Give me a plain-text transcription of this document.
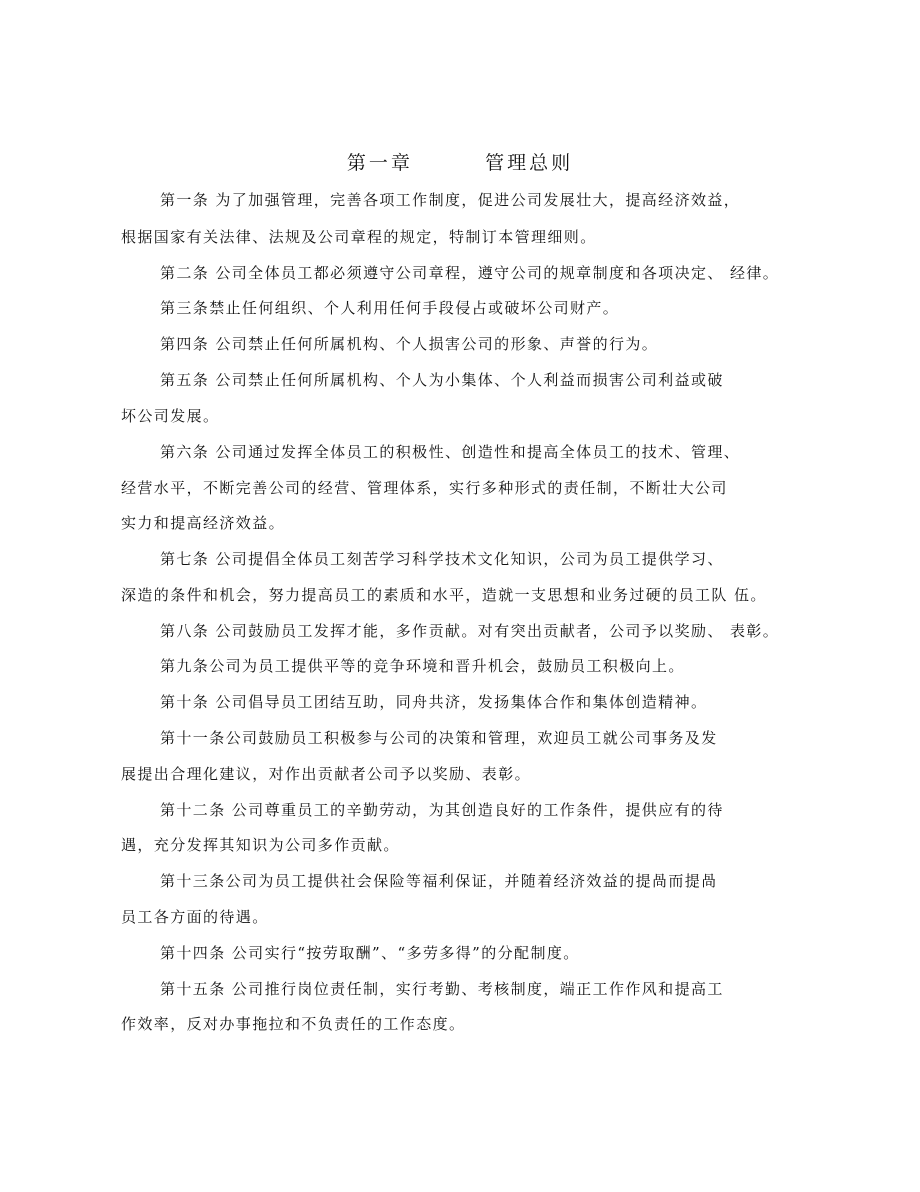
第一章        管理总则
第一条 为了加强管理，完善各项工作制度，促进公司发展壮大，提高经济效益，
根据国家有关法律、法规及公司章程的规定，特制订本管理细则。
第二条 公司全体员工都必须遵守公司章程，遵守公司的规章制度和各项决定、 经律。
第三条禁止任何组织、个人利用任何手段侵占或破坏公司财产。
第四条 公司禁止任何所属机构、个人损害公司的形象、声誉的行为。
第五条 公司禁止任何所属机构、个人为小集体、个人利益而损害公司利益或破
坏公司发展。
第六条 公司通过发挥全体员工的积极性、创造性和提高全体员工的技术、管理、
经营水平，不断完善公司的经营、管理体系，实行多种形式的责任制，不断壮大公司
实力和提高经济效益。
第七条 公司提倡全体员工刻苦学习科学技术文化知识，公司为员工提供学习、
深造的条件和机会，努力提高员工的素质和水平，造就一支思想和业务过硬的员工队 伍。
第八条 公司鼓励员工发挥才能，多作贡献。对有突出贡献者，公司予以奖励、 表彰。
第九条公司为员工提供平等的竞争环境和晋升机会，鼓励员工积极向上。
第十条 公司倡导员工团结互助，同舟共济，发扬集体合作和集体创造精神。
第十一条公司鼓励员工积极参与公司的决策和管理，欢迎员工就公司事务及发
展提出合理化建议，对作出贡献者公司予以奖励、表彰。
第十二条 公司尊重员工的辛勤劳动，为其创造良好的工作条件，提供应有的待
遇，充分发挥其知识为公司多作贡献。
第十三条公司为员工提供社会保险等福利保证，并随着经济效益的提咼而提咼
员工各方面的待遇。
第十四条 公司实行“按劳取酬”、“多劳多得”的分配制度。
第十五条 公司推行岗位责任制，实行考勤、考核制度，端正工作作风和提高工
作效率，反对办事拖拉和不负责任的工作态度。
